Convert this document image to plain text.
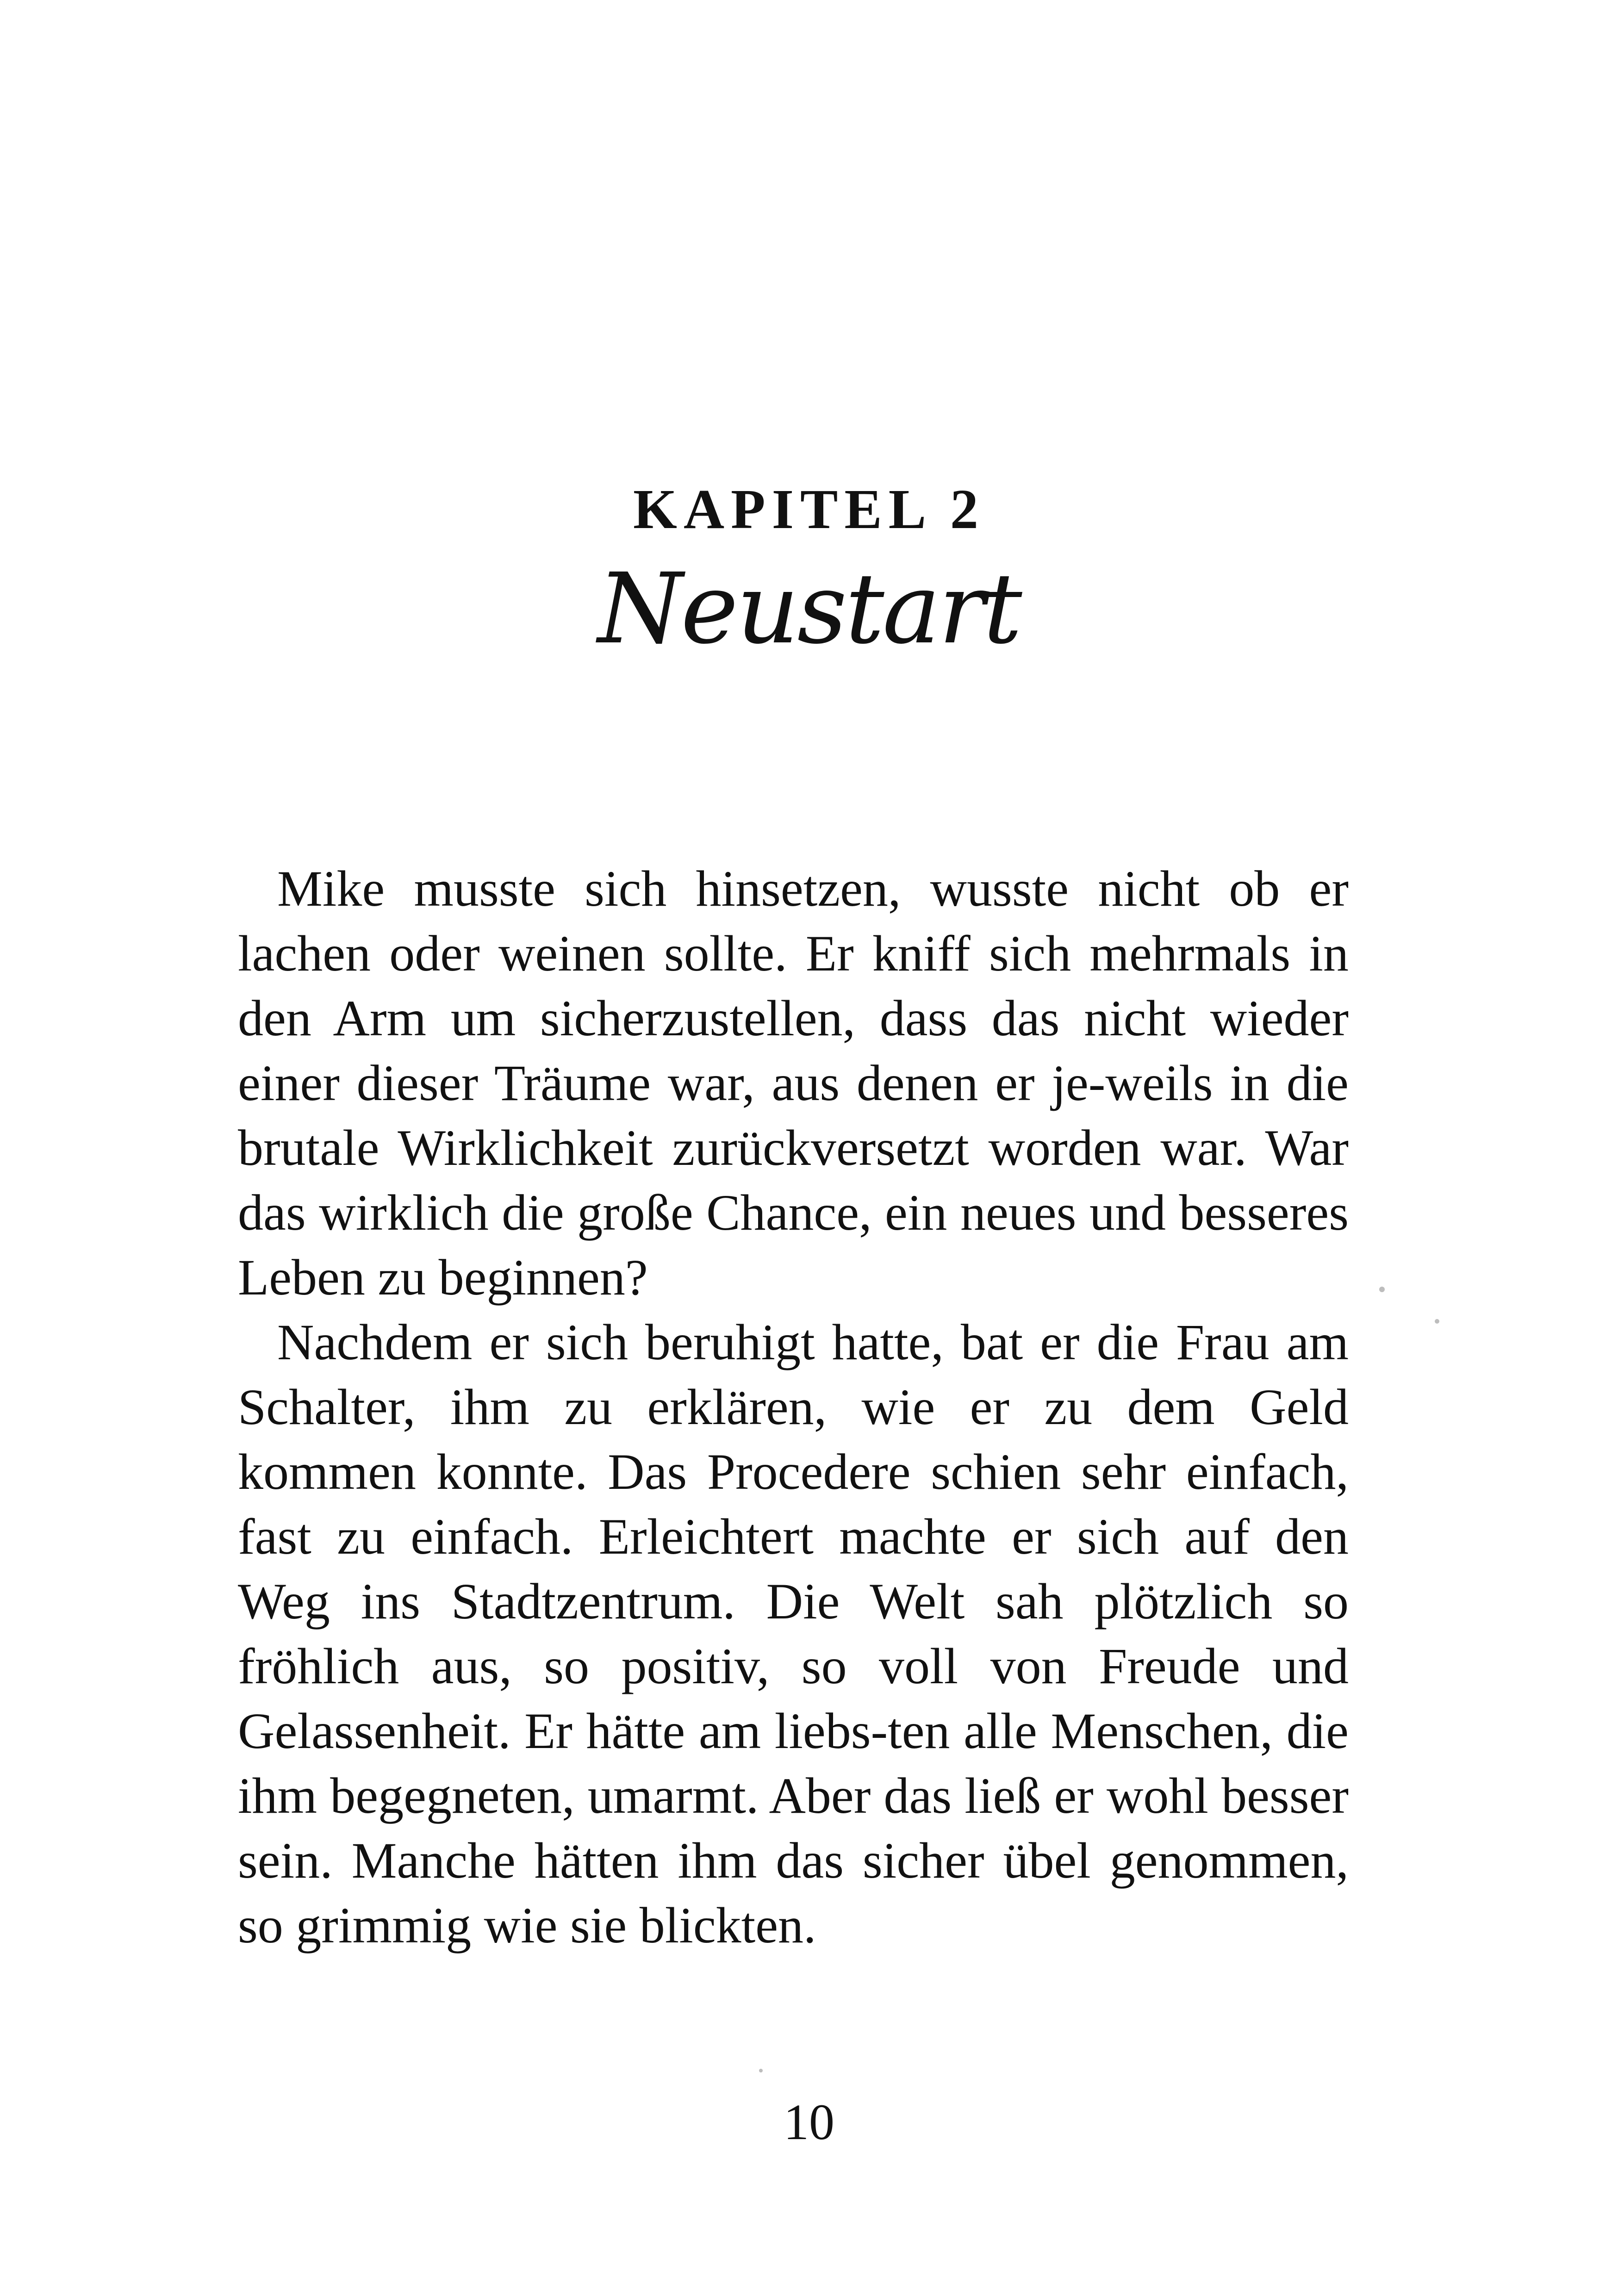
KAPITEL 2
Neustart

Mike musste sich hinsetzen, wusste nicht ob er lachen oder weinen sollte. Er kniff sich mehrmals in den Arm um sicherzustellen, dass das nicht wieder einer dieser Träume war, aus denen er je-weils in die brutale Wirklichkeit zurückversetzt worden war. War das wirklich die große Chance, ein neues und besseres Leben zu beginnen?

Nachdem er sich beruhigt hatte, bat er die Frau am Schalter, ihm zu erklären, wie er zu dem Geld kommen konnte. Das Procedere schien sehr einfach, fast zu einfach. Erleichtert machte er sich auf den Weg ins Stadtzentrum. Die Welt sah plötzlich so fröhlich aus, so positiv, so voll von Freude und Gelassenheit. Er hätte am liebs-ten alle Menschen, die ihm begegneten, umarmt. Aber das ließ er wohl besser sein. Manche hätten ihm das sicher übel genommen, so grimmig wie sie blickten.

10
